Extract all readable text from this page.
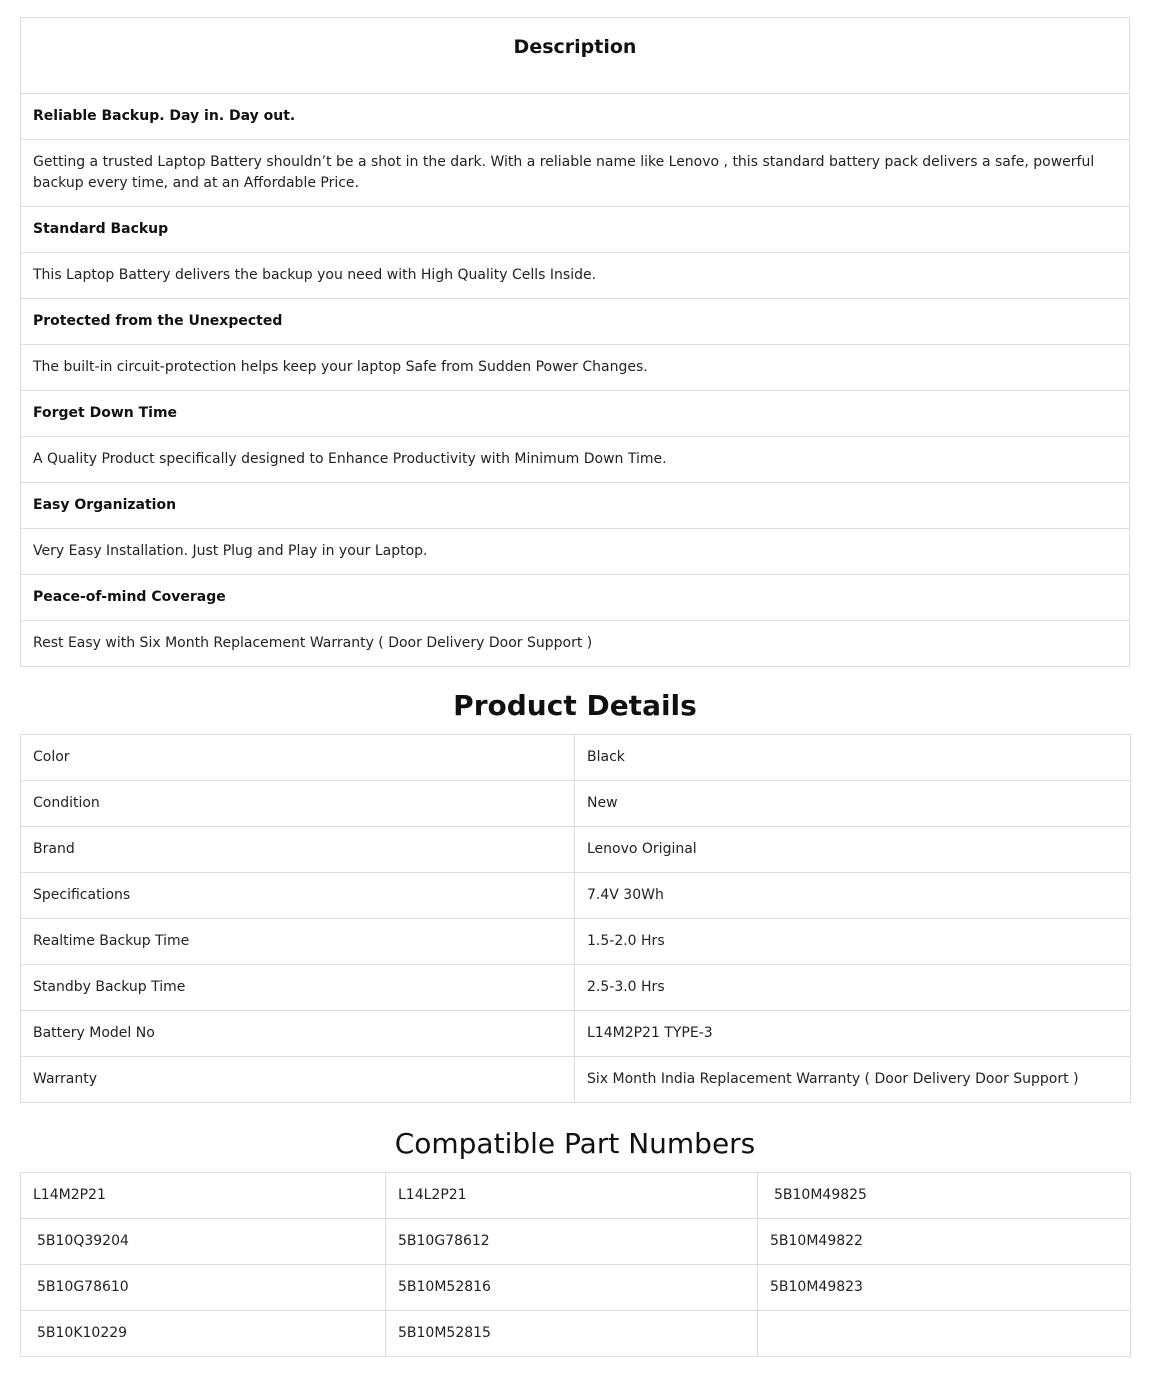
Description
Reliable Backup. Day in. Day out.
Getting a trusted Laptop Battery shouldn’t be a shot in the dark. With a reliable name like Lenovo , this standard battery pack delivers a safe, powerful backup every time, and at an Affordable Price.
Standard Backup
This Laptop Battery delivers the backup you need with High Quality Cells Inside.
Protected from the Unexpected
The built-in circuit-protection helps keep your laptop Safe from Sudden Power Changes.
Forget Down Time
A Quality Product specifically designed to Enhance Productivity with Minimum Down Time.
Easy Organization
Very Easy Installation. Just Plug and Play in your Laptop.
Peace-of-mind Coverage
Rest Easy with Six Month Replacement Warranty ( Door Delivery Door Support )
Product Details
Color	Black
Condition	New
Brand	Lenovo Original
Specifications	7.4V 30Wh
Realtime Backup Time	1.5-2.0 Hrs
Standby Backup Time	2.5-3.0 Hrs
Battery Model No	L14M2P21 TYPE-3
Warranty	Six Month India Replacement Warranty ( Door Delivery Door Support )
Compatible Part Numbers
L14M2P21	L14L2P21	5B10M49825
5B10Q39204	5B10G78612	5B10M49822
5B10G78610	5B10M52816	5B10M49823
5B10K10229	5B10M52815	
